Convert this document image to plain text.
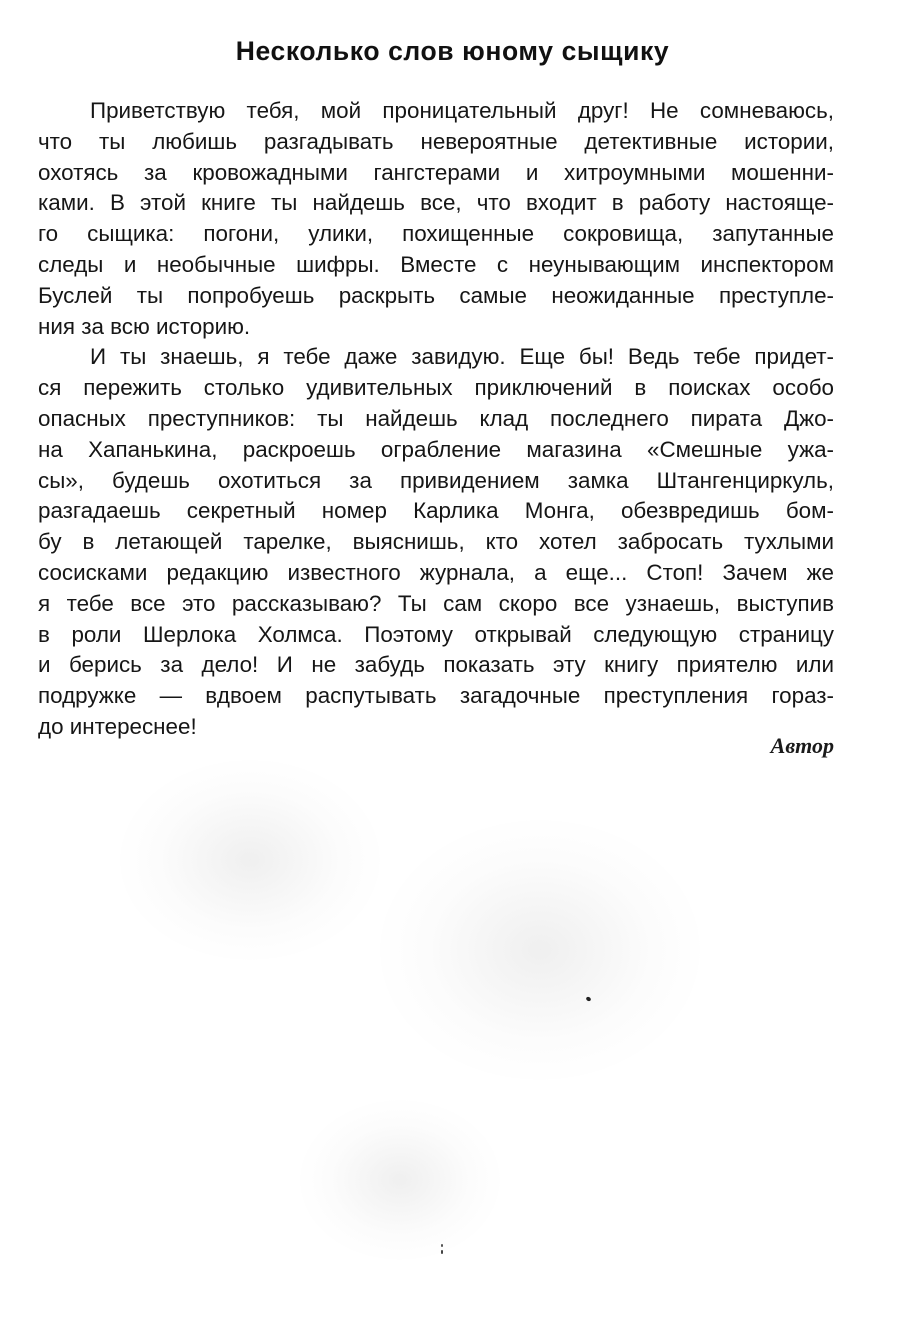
Несколько слов юному сыщику
Приветствую тебя, мой проницательный друг! Не сомневаюсь,
что ты любишь разгадывать невероятные детективные истории,
охотясь за кровожадными гангстерами и хитроумными мошенни-
ками. В этой книге ты найдешь все, что входит в работу настояще-
го сыщика: погони, улики, похищенные сокровища, запутанные
следы и необычные шифры. Вместе с неунывающим инспектором
Буслей ты попробуешь раскрыть самые неожиданные преступле-
ния за всю историю.
И ты знаешь, я тебе даже завидую. Еще бы! Ведь тебе придет-
ся пережить столько удивительных приключений в поисках особо
опасных преступников: ты найдешь клад последнего пирата Джо-
на Хапанькина, раскроешь ограбление магазина «Смешные ужа-
сы», будешь охотиться за привидением замка Штангенциркуль,
разгадаешь секретный номер Карлика Монга, обезвредишь бом-
бу в летающей тарелке, выяснишь, кто хотел забросать тухлыми
сосисками редакцию известного журнала, а еще... Стоп! Зачем же
я тебе все это рассказываю? Ты сам скоро все узнаешь, выступив
в роли Шерлока Холмса. Поэтому открывай следующую страницу
и берись за дело! И не забудь показать эту книгу приятелю или
подружке — вдвоем распутывать загадочные преступления гораз-
до интереснее!
Автор
